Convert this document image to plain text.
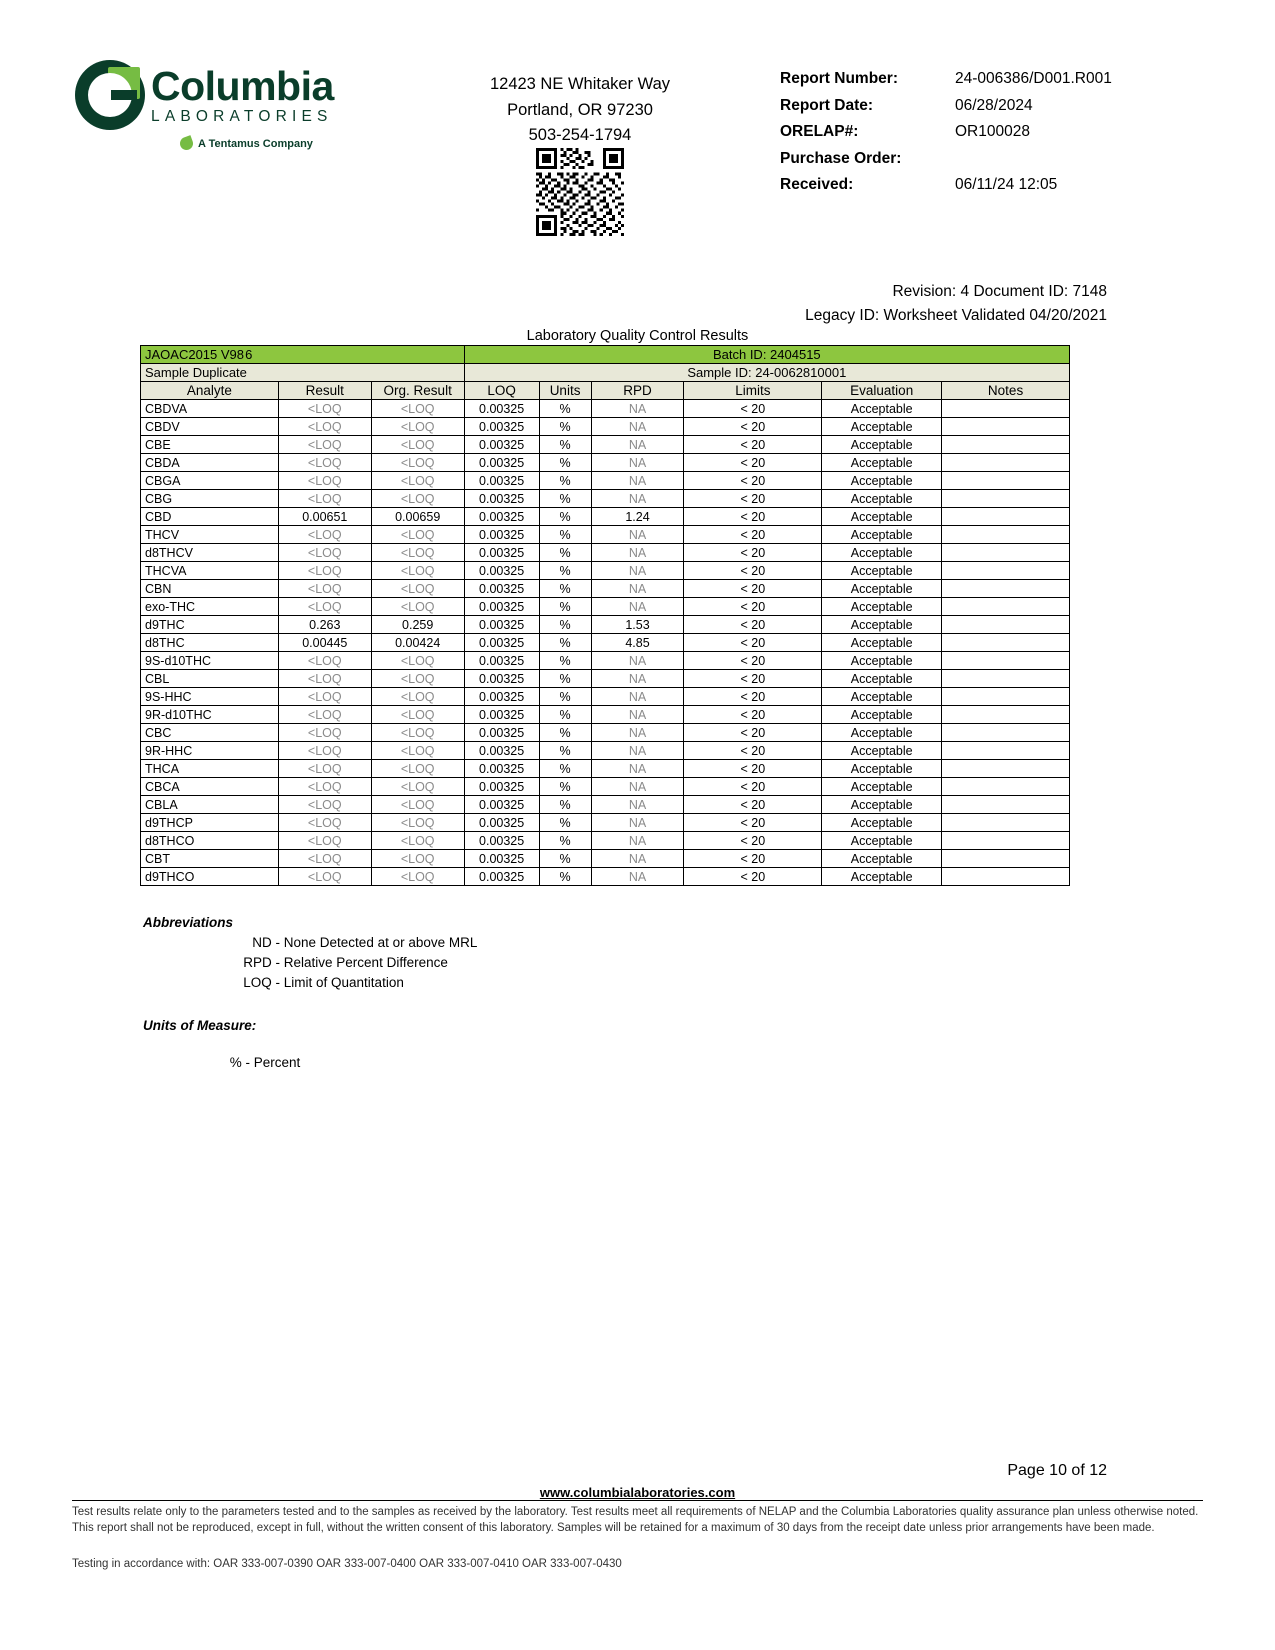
Columbia
LABORATORIES
A Tentamus Company
12423 NE Whitaker Way
Portland, OR 97230
503-254-1794
Report Number:	24-006386/D001.R001
Report Date:	06/28/2024
ORELAP#:	OR100028
Purchase Order:
Received:	06/11/24 12:05
Revision: 4 Document ID: 7148
Legacy ID: Worksheet Validated 04/20/2021
Laboratory Quality Control Results
JAOAC2015 V98 6			Batch ID: 2404515					
Sample Duplicate			Sample ID: 24-0062810001					
Analyte	Result	Org. Result	LOQ	Units	RPD	Limits	Evaluation	Notes
CBDVA	<LOQ	<LOQ	0.00325	%	NA	< 20	Acceptable	
CBDV	<LOQ	<LOQ	0.00325	%	NA	< 20	Acceptable	
CBE	<LOQ	<LOQ	0.00325	%	NA	< 20	Acceptable	
CBDA	<LOQ	<LOQ	0.00325	%	NA	< 20	Acceptable	
CBGA	<LOQ	<LOQ	0.00325	%	NA	< 20	Acceptable	
CBG	<LOQ	<LOQ	0.00325	%	NA	< 20	Acceptable	
CBD	0.00651	0.00659	0.00325	%	1.24	< 20	Acceptable	
THCV	<LOQ	<LOQ	0.00325	%	NA	< 20	Acceptable	
d8THCV	<LOQ	<LOQ	0.00325	%	NA	< 20	Acceptable	
THCVA	<LOQ	<LOQ	0.00325	%	NA	< 20	Acceptable	
CBN	<LOQ	<LOQ	0.00325	%	NA	< 20	Acceptable	
exo-THC	<LOQ	<LOQ	0.00325	%	NA	< 20	Acceptable	
d9THC	0.263	0.259	0.00325	%	1.53	< 20	Acceptable	
d8THC	0.00445	0.00424	0.00325	%	4.85	< 20	Acceptable	
9S-d10THC	<LOQ	<LOQ	0.00325	%	NA	< 20	Acceptable	
CBL	<LOQ	<LOQ	0.00325	%	NA	< 20	Acceptable	
9S-HHC	<LOQ	<LOQ	0.00325	%	NA	< 20	Acceptable	
9R-d10THC	<LOQ	<LOQ	0.00325	%	NA	< 20	Acceptable	
CBC	<LOQ	<LOQ	0.00325	%	NA	< 20	Acceptable	
9R-HHC	<LOQ	<LOQ	0.00325	%	NA	< 20	Acceptable	
THCA	<LOQ	<LOQ	0.00325	%	NA	< 20	Acceptable	
CBCA	<LOQ	<LOQ	0.00325	%	NA	< 20	Acceptable	
CBLA	<LOQ	<LOQ	0.00325	%	NA	< 20	Acceptable	
d9THCP	<LOQ	<LOQ	0.00325	%	NA	< 20	Acceptable	
d8THCO	<LOQ	<LOQ	0.00325	%	NA	< 20	Acceptable	
CBT	<LOQ	<LOQ	0.00325	%	NA	< 20	Acceptable	
d9THCO	<LOQ	<LOQ	0.00325	%	NA	< 20	Acceptable	
Abbreviations
ND - None Detected at or above MRL
RPD - Relative Percent Difference
LOQ - Limit of Quantitation
Units of Measure:
% - Percent
Page 10 of 12
www.columbialaboratories.com
Test results relate only to the parameters tested and to the samples as received by the laboratory. Test results meet all requirements of NELAP and the Columbia Laboratories quality assurance plan unless otherwise noted. This report shall not be reproduced, except in full, without the written consent of this laboratory. Samples will be retained for a maximum of 30 days from the receipt date unless prior arrangements have been made.
Testing in accordance with: OAR 333-007-0390 OAR 333-007-0400 OAR 333-007-0410 OAR 333-007-0430
